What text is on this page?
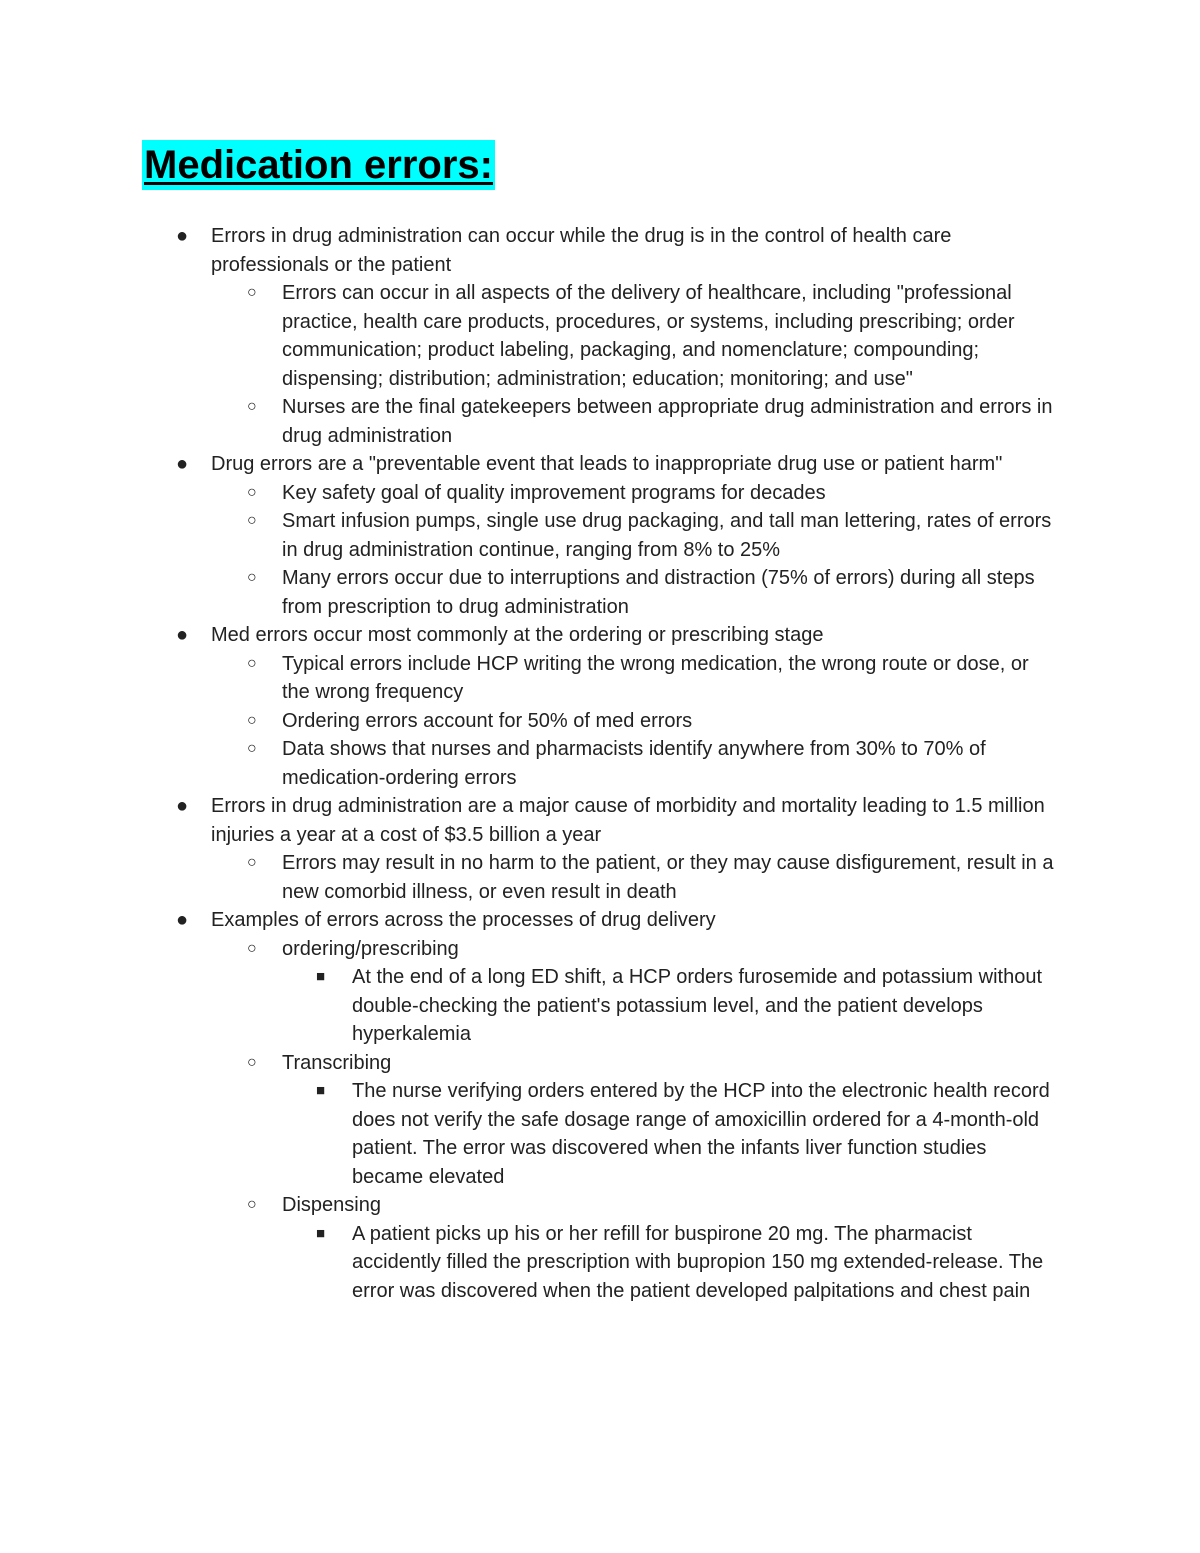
Medication errors:
● Errors in drug administration can occur while the drug is in the control of health care professionals or the patient
○ Errors can occur in all aspects of the delivery of healthcare, including "professional practice, health care products, procedures, or systems, including prescribing; order communication; product labeling, packaging, and nomenclature; compounding; dispensing; distribution; administration; education; monitoring; and use"
○ Nurses are the final gatekeepers between appropriate drug administration and errors in drug administration
● Drug errors are a "preventable event that leads to inappropriate drug use or patient harm"
○ Key safety goal of quality improvement programs for decades
○ Smart infusion pumps, single use drug packaging, and tall man lettering, rates of errors in drug administration continue, ranging from 8% to 25%
○ Many errors occur due to interruptions and distraction (75% of errors) during all steps from prescription to drug administration
● Med errors occur most commonly at the ordering or prescribing stage
○ Typical errors include HCP writing the wrong medication, the wrong route or dose, or the wrong frequency
○ Ordering errors account for 50% of med errors
○ Data shows that nurses and pharmacists identify anywhere from 30% to 70% of medication-ordering errors
● Errors in drug administration are a major cause of morbidity and mortality leading to 1.5 million injuries a year at a cost of $3.5 billion a year
○ Errors may result in no harm to the patient, or they may cause disfigurement, result in a new comorbid illness, or even result in death
● Examples of errors across the processes of drug delivery
○ ordering/prescribing
■ At the end of a long ED shift, a HCP orders furosemide and potassium without double-checking the patient's potassium level, and the patient develops hyperkalemia
○ Transcribing
■ The nurse verifying orders entered by the HCP into the electronic health record does not verify the safe dosage range of amoxicillin ordered for a 4-month-old patient. The error was discovered when the infants liver function studies became elevated
○ Dispensing
■ A patient picks up his or her refill for buspirone 20 mg. The pharmacist accidently filled the prescription with bupropion 150 mg extended-release. The error was discovered when the patient developed palpitations and chest pain
